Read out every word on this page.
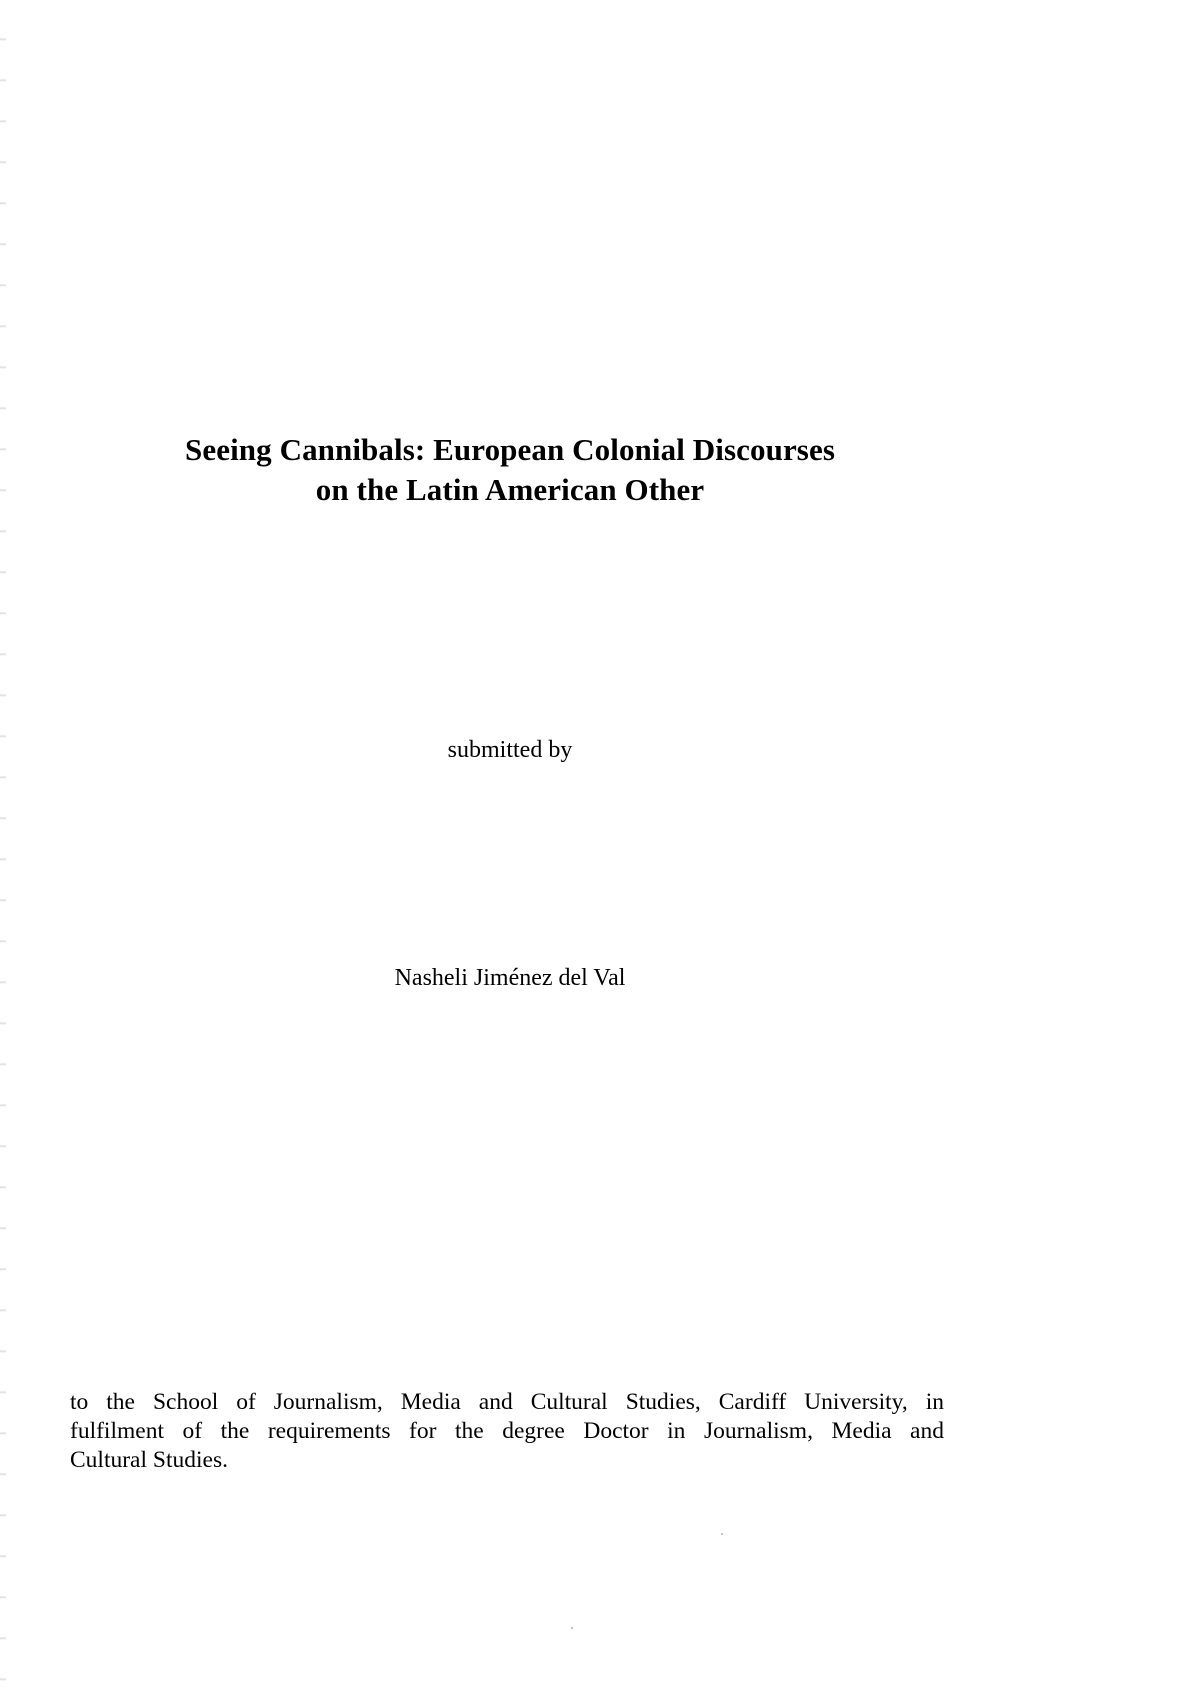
Seeing Cannibals: European Colonial Discourses
on the Latin American Other
submitted by
Nasheli Jiménez del Val
to the School of Journalism, Media and Cultural Studies, Cardiff University, in
fulfilment of the requirements for the degree Doctor in Journalism, Media and
Cultural Studies.
